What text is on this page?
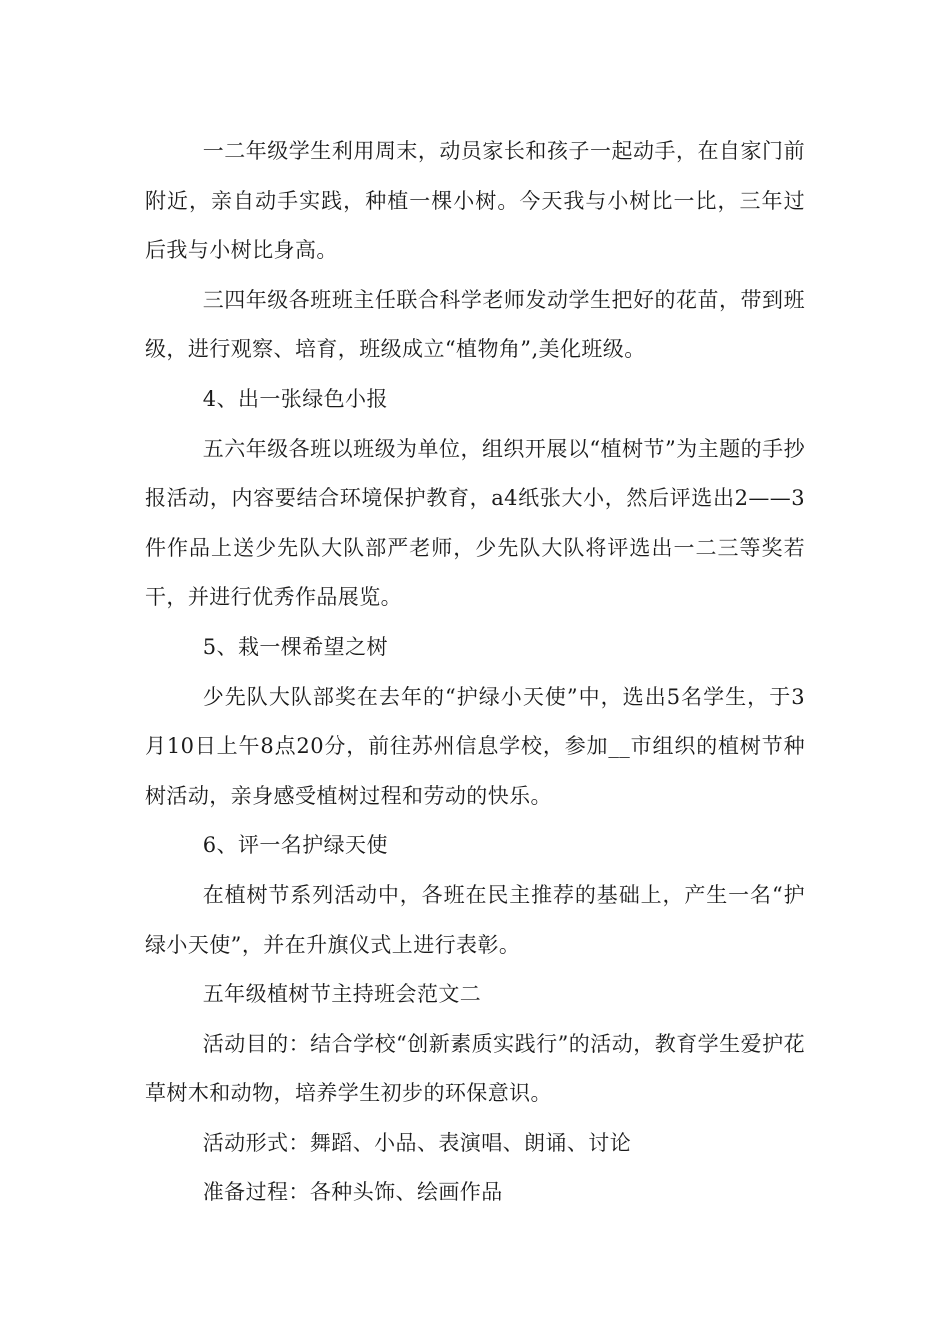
一二年级学生利用周末，动员家长和孩子一起动手，在自家门前附近，亲自动手实践，种植一棵小树。今天我与小树比一比，三年过后我与小树比身高。

三四年级各班班主任联合科学老师发动学生把好的花苗，带到班级，进行观察、培育，班级成立“植物角”,美化班级。

4、出一张绿色小报

五六年级各班以班级为单位，组织开展以“植树节”为主题的手抄报活动，内容要结合环境保护教育，a4纸张大小，然后评选出2——3件作品上送少先队大队部严老师，少先队大队将评选出一二三等奖若干，并进行优秀作品展览。

5、栽一棵希望之树

少先队大队部奖在去年的“护绿小天使”中，选出5名学生，于3月10日上午8点20分，前往苏州信息学校，参加__市组织的植树节种树活动，亲身感受植树过程和劳动的快乐。

6、评一名护绿天使

在植树节系列活动中，各班在民主推荐的基础上，产生一名“护绿小天使”，并在升旗仪式上进行表彰。

五年级植树节主持班会范文二

活动目的：结合学校“创新素质实践行”的活动，教育学生爱护花草树木和动物，培养学生初步的环保意识。

活动形式：舞蹈、小品、表演唱、朗诵、讨论

准备过程：各种头饰、绘画作品
